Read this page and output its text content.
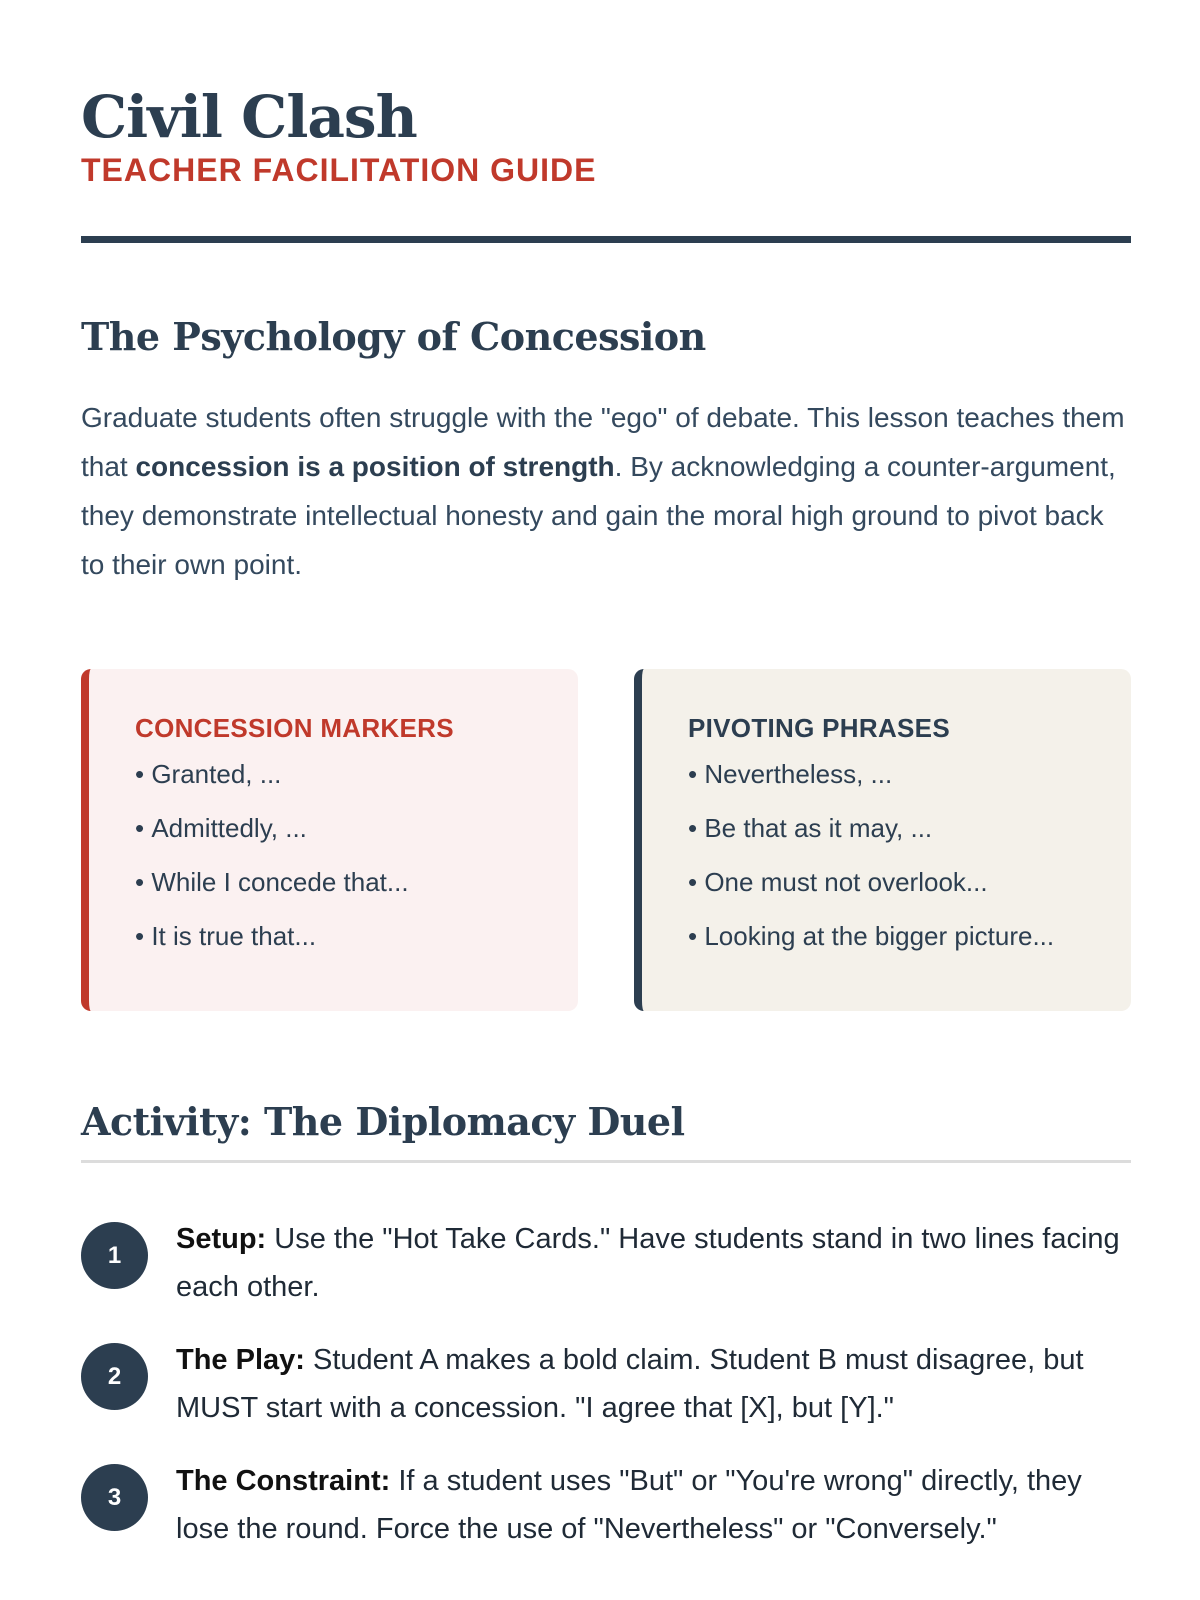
Civil Clash
TEACHER FACILITATION GUIDE
The Psychology of Concession

Graduate students often struggle with the "ego" of debate. This lesson teaches them that concession is a position of strength. By acknowledging a counter-argument, they demonstrate intellectual honesty and gain the moral high ground to pivot back to their own point.

CONCESSION MARKERS
• Granted, ...
• Admittedly, ...
• While I concede that...
• It is true that...
PIVOTING PHRASES
• Nevertheless, ...
• Be that as it may, ...
• One must not overlook...
• Looking at the bigger picture...
Activity: The Diplomacy Duel
1
Setup: Use the "Hot Take Cards." Have students stand in two lines facing each other.
2
The Play: Student A makes a bold claim. Student B must disagree, but MUST start with a concession. "I agree that [X], but [Y]."
3
The Constraint: If a student uses "But" or "You're wrong" directly, they lose the round. Force the use of "Nevertheless" or "Conversely."
